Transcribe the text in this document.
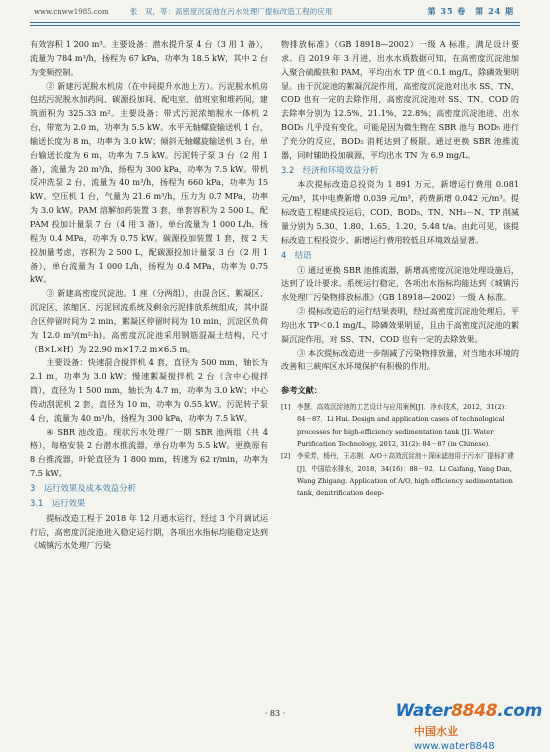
www.cnww1985.com	张　双，等：高密度沉淀池在污水处理厂提标改造工程的应用	第 35 卷　第 24 期

有效容积 1 200 m³。主要设备：潜水提升泵 4 台（3 用 1 备），流量为 784 m³/h，扬程为 67 kPa，功率为 18.5 kW，其中 2 台为变频控制。

② 新建污泥脱水机房（在中间提升水池上方）。污泥脱水机房包括污泥脱水加药间、碳源投加间、配电室、值班室和堆药间，建筑面积为 325.33 m²。主要设备：带式污泥浓缩脱水一体机 2 台，带宽为 2.0 m，功率为 5.5 kW。水平无轴螺旋输送机 1 台，输送长度为 8 m，功率为 3.0 kW；倾斜无轴螺旋输送机 3 台，单台输送长度为 6 m，功率为 7.5 kW。污泥转子泵 3 台（2 用 1 备），流量为 20 m³/h，扬程为 300 kPa，功率为 7.5 kW。带机反冲洗泵 2 台，流量为 40 m³/h，扬程为 660 kPa，功率为 15 kW。空压机 1 台，气量为 21.6 m³/h，压力为 0.7 MPa，功率为 3.0 kW。PAM 溶解加药装置 3 套，单套容积为 2 500 L，配 PAM 投加计量泵 7 台（4 用 3 备），单台流量为 1 000 L/h，扬程为 0.4 MPa，功率为 0.75 kW。碳源投加装置 1 套，按 2 天投加量考虑，容积为 2 500 L，配碳源投加计量泵 3 台（2 用 1 备），单台流量为 1 000 L/h，扬程为 0.4 MPa，功率为 0.75 kW。

③ 新建高密度沉淀池。1 座（分两组），由混合区、絮凝区、沉淀区、浓缩区、污泥回流系统及剩余污泥排放系统组成，其中混合区停留时间为 2 min，絮凝区停留时间为 10 min，沉淀区负荷为 12.0 m³/(m²·h)。高密度沉淀池采用钢筋混凝土结构，尺寸（B×L×H）为 22.90 m×17.2 m×6.5 m。

主要设备：快速混合搅拌机 4 套，直径为 500 mm，轴长为 2.1 m，功率为 3.0 kW；慢速絮凝搅拌机 2 台（含中心搅拌筒），直径为 1 500 mm，轴长为 4.7 m，功率为 3.0 kW；中心传动刮泥机 2 套，直径为 10 m，功率为 0.55 kW。污泥转子泵 4 台，流量为 40 m³/h，扬程为 300 kPa，功率为 7.5 kW。

④ SBR 池改造。现状污水处理厂一期 SBR 池两组（共 4 格），每格安装 2 台潜水推流器，单台功率为 5.5 kW。更换原有 8 台推流器，叶轮直径为 1 800 mm，转速为 62 r/min，功率为 7.5 kW。

3　运行效果及成本效益分析
3.1　运行效果

提标改造工程于 2018 年 12 月通水运行，经过 3 个月调试运行后，高密度沉淀池进入稳定运行期，各项出水指标均能稳定达到《城镇污水处理厂污染

物排放标准》（GB 18918—2002）一级 A 标准，满足设计要求。自 2019 年 3 月进，出水水质数据可知，在高密度沉淀池加入聚合硫酸铁和 PAM，平均出水 TP 值＜0.1 mg/L，除磷效果明显。由于沉淀池的絮凝沉淀作用，高密度沉淀池对出水 SS、TN、COD 也有一定的去除作用，高密度沉淀池对 SS、TN、COD 的去除率分别为 12.5%、21.1%、22.8%；高密度沉淀池进、出水 BOD₅ 几乎没有变化，可能是因为微生物在 SBR 池与 BOD₅ 进行了充分的反应，BOD₅ 消耗达到了极限。通过更换 SBR 池推流器，同时辅助投加碳源，平均出水 TN 为 6.9 mg/L。

3.2　经济和环境效益分析

本次提标改造总投资为 1 891 万元，新增运行费用 0.081 元/m³，其中电费新增 0.039 元/m³，药费新增 0.042 元/m³。提标改造工程建成投运后，COD、BOD₅、TN、NH₃－N、TP 削减量分别为 5.30、1.80、1.65、1.20、5.48 t/a。由此可见，该提标改造工程投资少、新增运行费用较低且环境效益显著。

4　结语

① 通过更换 SBR 池推流器，新增高密度沉淀池处理设施后，达到了设计要求。系统运行稳定，各项出水指标均能达到《城镇污水处理厂污染物排放标准》（GB 18918—2002）一级 A 标准。

② 提标改造后的运行结果表明，经过高密度沉淀池处理后，平均出水 TP＜0.1 mg/L，除磷效果明显，且由于高密度沉淀池的絮凝沉淀作用，对 SS、TN、COD 也有一定的去除效果。

③ 本次提标改造进一步削减了污染物排放量，对当地水环境的改善和三峡库区水环境保护有积极的作用。

参考文献：
[1]	李慧．高效沉淀池的工艺设计与应用案例[J]．净水技术，2012，31(2)：84－87．Li Hui. Design and application cases of technological processes for high-efficiency sedimentation tank [J]. Water Purification Technology, 2012, 31(2): 84－87 (in Chinese).
[2]	李采芳，杨丹，王志刚．A/O＋高效沉淀池＋深床滤池用于污水厂提标扩建[J]．中国给水排水，2018，34(16)：88－92．Li Caifang, Yang Dan, Wang Zhigang. Application of A/O, high efficiency sedimentation tank, denitrification deep-
· 83 ·	Water8848.com
中国水业 www.water8848
